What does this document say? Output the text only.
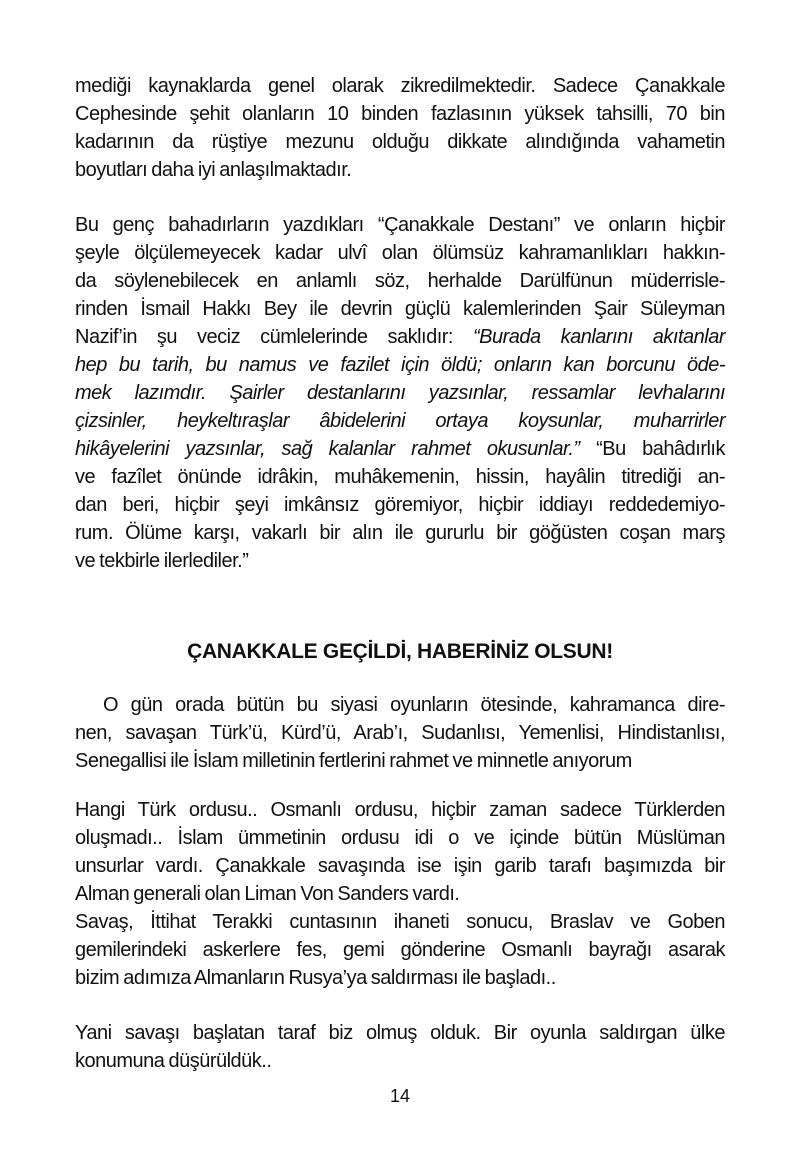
mediği kaynaklarda genel olarak zikredilmektedir. Sadece Çanakkale
Cephesinde şehit olanların 10 binden fazlasının yüksek tahsilli, 70 bin
kadarının da rüştiye mezunu olduğu dikkate alındığında vahametin
boyutları daha iyi anlaşılmaktadır.
Bu genç bahadırların yazdıkları “Çanakkale Destanı” ve onların hiçbir
şeyle ölçülemeyecek kadar ulvî olan ölümsüz kahramanlıkları hakkın-
da söylenebilecek en anlamlı söz, herhalde Darülfünun müderrisle-
rinden İsmail Hakkı Bey ile devrin güçlü kalemlerinden Şair Süleyman
Nazif’in şu veciz cümlelerinde saklıdır: “Burada kanlarını akıtanlar
hep bu tarih, bu namus ve fazilet için öldü; onların kan borcunu öde-
mek lazımdır. Şairler destanlarını yazsınlar, ressamlar levhalarını
çizsinler, heykeltıraşlar âbidelerini ortaya koysunlar, muharrirler
hikâyelerini yazsınlar, sağ kalanlar rahmet okusunlar.” “Bu bahâdırlık
ve fazîlet önünde idrâkin, muhâkemenin, hissin, hayâlin titrediği an-
dan beri, hiçbir şeyi imkânsız göremiyor, hiçbir iddiayı reddedemiyo-
rum. Ölüme karşı, vakarlı bir alın ile gururlu bir göğüsten coşan marş
ve tekbirle ilerlediler.”
ÇANAKKALE GEÇİLDİ, HABERİNİZ OLSUN!
O gün orada bütün bu siyasi oyunların ötesinde, kahramanca dire-
nen, savaşan Türk’ü, Kürd’ü, Arab’ı, Sudanlısı, Yemenlisi, Hindistanlısı,
Senegallisi ile İslam milletinin fertlerini rahmet ve minnetle anıyorum
Hangi Türk ordusu.. Osmanlı ordusu, hiçbir zaman sadece Türklerden
oluşmadı.. İslam ümmetinin ordusu idi o ve içinde bütün Müslüman
unsurlar vardı. Çanakkale savaşında ise işin garib tarafı başımızda bir
Alman generali olan Liman Von Sanders vardı.
Savaş, İttihat Terakki cuntasının ihaneti sonucu, Braslav ve Goben
gemilerindeki askerlere fes, gemi gönderine Osmanlı bayrağı asarak
bizim adımıza Almanların Rusya’ya saldırması ile başladı..
Yani savaşı başlatan taraf biz olmuş olduk. Bir oyunla saldırgan ülke
konumuna düşürüldük..
14
